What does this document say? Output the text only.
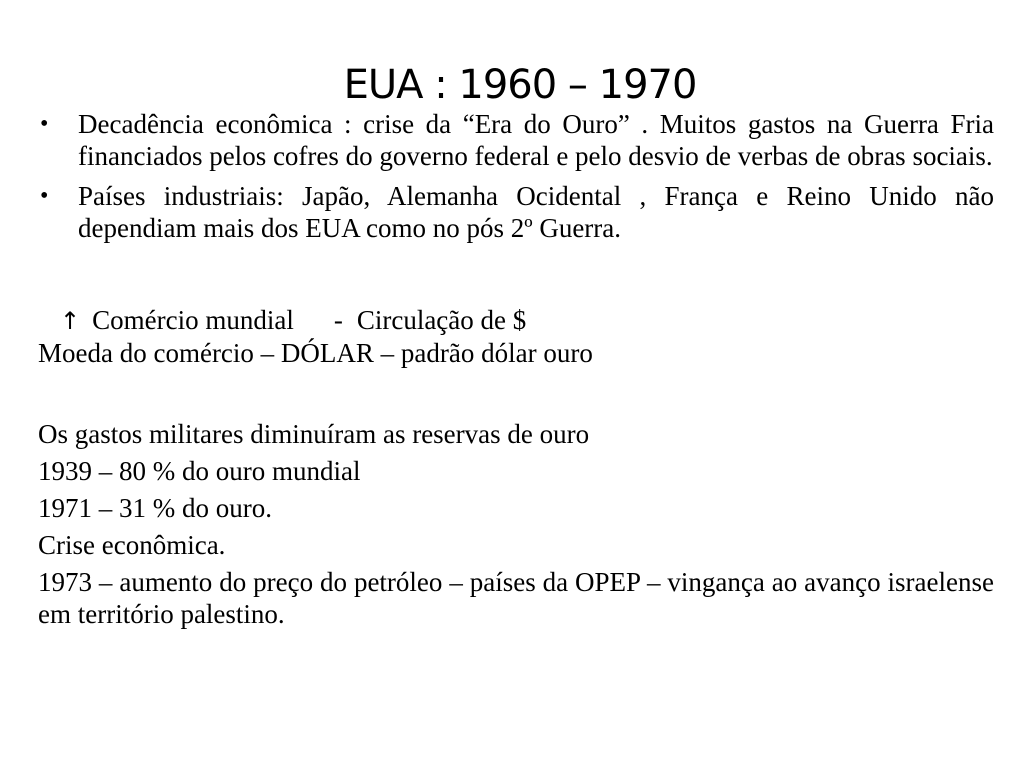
EUA : 1960 – 1970
• Decadência econômica : crise da “Era do Ouro” . Muitos gastos na Guerra Fria financiados pelos cofres do governo federal e pelo desvio de verbas de obras sociais.
• Países industriais: Japão, Alemanha Ocidental , França e Reino Unido não dependiam mais dos EUA como no pós 2º Guerra.
↑ Comércio mundial - Circulação de $
Moeda do comércio – DÓLAR – padrão dólar ouro
Os gastos militares diminuíram as reservas de ouro
1939 – 80 % do ouro mundial
1971 – 31 % do ouro.
Crise econômica.
1973 – aumento do preço do petróleo – países da OPEP – vingança ao avanço israelense em território palestino.
